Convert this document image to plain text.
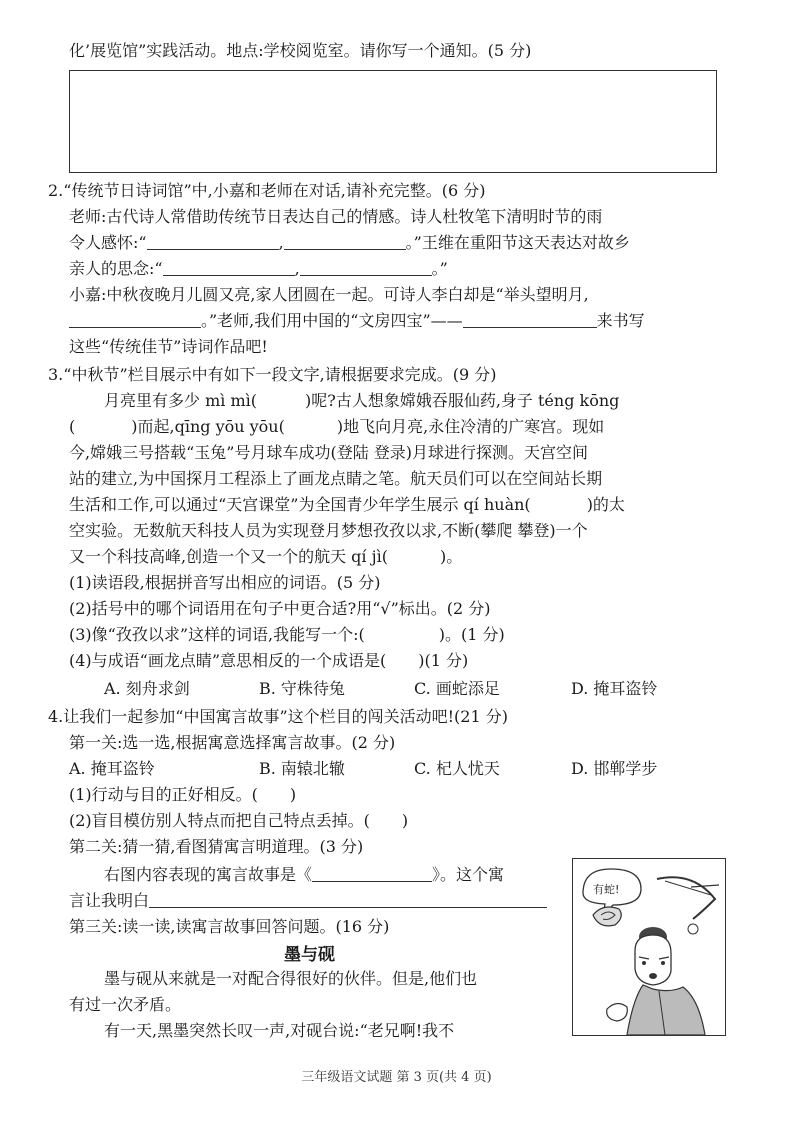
化’展览馆”实践活动。地点:学校阅览室。请你写一个通知。(5 分)
2.“传统节日诗词馆”中,小嘉和老师在对话,请补充完整。(6 分)
老师:古代诗人常借助传统节日表达自己的情感。诗人杜牧笔下清明时节的雨
令人感怀:“	,	。”王维在重阳节这天表达对故乡
亲人的思念:“	,	。”
小嘉:中秋夜晚月儿圆又亮,家人团圆在一起。可诗人李白却是“举头望明月,
。”老师,我们用中国的“文房四宝”——	来书写
这些“传统佳节”诗词作品吧!
3.“中秋节”栏目展示中有如下一段文字,请根据要求完成。(9 分)
月亮里有多少 mì mì(	)呢?古人想象嫦娥吞服仙药,身子 téng kōng
(	)而起,qīng yōu yōu(	)地飞向月亮,永住冷清的广寒宫。现如
今,嫦娥三号搭载“玉兔”号月球车成功(登陆 登录)月球进行探测。天宫空间
站的建立,为中国探月工程添上了画龙点睛之笔。航天员们可以在空间站长期
生活和工作,可以通过“天宫课堂”为全国青少年学生展示 qí huàn(	)的太
空实验。无数航天科技人员为实现登月梦想孜孜以求,不断(攀爬 攀登)一个
又一个科技高峰,创造一个又一个的航天 qí jì(	)。
(1)读语段,根据拼音写出相应的词语。(5 分)
(2)括号中的哪个词语用在句子中更合适?用“√”标出。(2 分)
(3)像“孜孜以求”这样的词语,我能写一个:(	)。(1 分)
(4)与成语“画龙点睛”意思相反的一个成语是( )(1 分)
A. 刻舟求剑	B. 守株待兔	C. 画蛇添足	D. 掩耳盗铃
4.让我们一起参加“中国寓言故事”这个栏目的闯关活动吧!(21 分)
第一关:选一选,根据寓意选择寓言故事。(2 分)
A. 掩耳盗铃	B. 南辕北辙	C. 杞人忧天	D. 邯郸学步
(1)行动与目的正好相反。( )
(2)盲目模仿别人特点而把自己特点丢掉。( )
第二关:猜一猜,看图猜寓言明道理。(3 分)
右图内容表现的寓言故事是《	》。这个寓
言让我明白
第三关:读一读,读寓言故事回答问题。(16 分)
墨与砚
墨与砚从来就是一对配合得很好的伙伴。但是,他们也
有过一次矛盾。
有一天,黑墨突然长叹一声,对砚台说:“老兄啊!我不
有蛇!
三年级语文试题 第 3 页(共 4 页)
